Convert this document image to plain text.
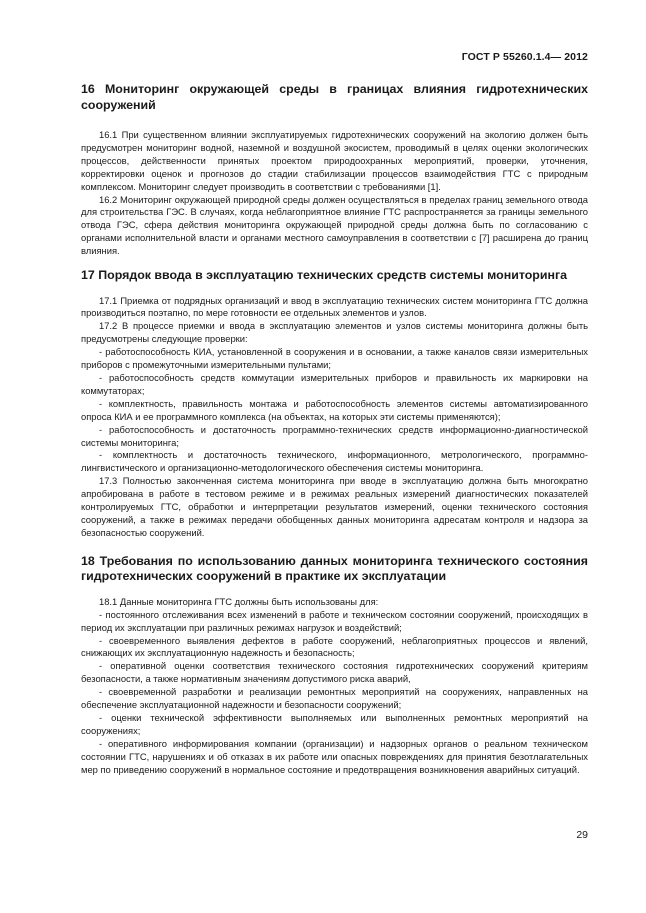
ГОСТ Р 55260.1.4— 2012
16 Мониторинг окружающей среды в границах влияния гидротехнических сооружений

16.1 При существенном влиянии эксплуатируемых гидротехнических сооружений на экологию должен быть предусмотрен мониторинг водной, наземной и воздушной экосистем, проводимый в целях оценки экологических процессов, действенности принятых проектом природоохранных мероприятий, проверки, уточнения, корректировки оценок и прогнозов до стадии стабилизации процессов взаимодействия ГТС с природным комплексом. Мониторинг следует производить в соответствии с требованиями [1].

16.2 Мониторинг окружающей природной среды должен осуществляться в пределах границ земельного отвода для строительства ГЭС. В случаях, когда неблагоприятное влияние ГТС распространяется за границы земельного отвода ГЭС, сфера действия мониторинга окружающей природной среды должна быть по согласованию с органами исполнительной власти и органами местного самоуправления в соответствии с [7] расширена до границ влияния.

17 Порядок ввода в эксплуатацию технических средств системы мониторинга

17.1 Приемка от подрядных организаций и ввод в эксплуатацию технических систем мониторинга ГТС должна производиться поэтапно, по мере готовности ее отдельных элементов и узлов.

17.2 В процессе приемки и ввода в эксплуатацию элементов и узлов системы мониторинга должны быть предусмотрены следующие проверки:

- работоспособность КИА, установленной в сооружения и в основании, а также каналов связи измерительных приборов с промежуточными измерительными пультами;

- работоспособность средств коммутации измерительных приборов и правильность их маркировки на коммутаторах;

- комплектность, правильность монтажа и работоспособность элементов системы автоматизированного опроса КИА и ее программного комплекса (на объектах, на которых эти системы применяются);

- работоспособность и достаточность программно-технических средств информационно-диагностической системы мониторинга;

- комплектность и достаточность технического, информационного, метрологического, программно-лингвистического и организационно-методологического обеспечения системы мониторинга.

17.3 Полностью законченная система мониторинга при вводе в эксплуатацию должна быть многократно апробирована в работе в тестовом режиме и в режимах реальных измерений диагностических показателей контролируемых ГТС, обработки и интерпретации результатов измерений, оценки технического состояния сооружений, а также в режимах передачи обобщенных данных мониторинга адресатам контроля и надзора за безопасностью сооружений.

18 Требования по использованию данных мониторинга технического состояния гидротехнических сооружений в практике их эксплуатации

18.1 Данные мониторинга ГТС должны быть использованы для:

- постоянного отслеживания всех изменений в работе и техническом состоянии сооружений, происходящих в период их эксплуатации при различных режимах нагрузок и воздействий;

- своевременного выявления дефектов в работе сооружений, неблагоприятных процессов и явлений, снижающих их эксплуатационную надежность и безопасность;

- оперативной оценки соответствия технического состояния гидротехнических сооружений критериям безопасности, а также нормативным значениям допустимого риска аварий,

- своевременной разработки и реализации ремонтных мероприятий на сооружениях, направленных на обеспечение эксплуатационной надежности и безопасности сооружений;

- оценки технической эффективности выполняемых или выполненных ремонтных мероприятий на сооружениях;

- оперативного информирования компании (организации) и надзорных органов о реальном техническом состоянии ГТС, нарушениях и об отказах в их работе или опасных повреждениях для принятия безотлагательных мер по приведению сооружений в нормальное состояние и предотвращения возникновения аварийных ситуаций.

29
